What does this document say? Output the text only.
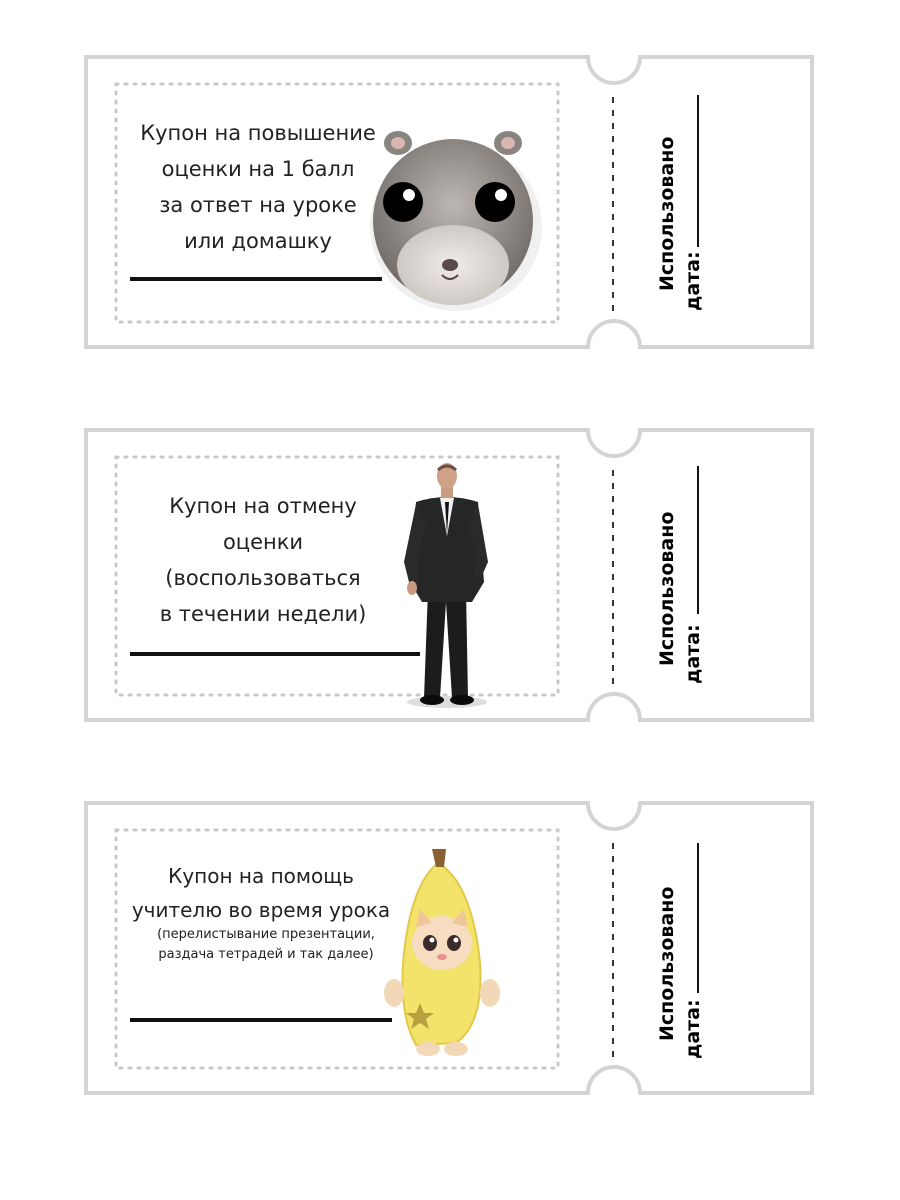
Купон на повышение
оценки на 1 балл
за ответ на уроке
или домашку	Использовано дата:
Купон на отмену
оценки
(воспользоваться
в течении недели)	Использовано дата:
Купон на помощь
учителю во время урока
(перелистывание презентации,
раздача тетрадей и так далее)	Использовано дата:
